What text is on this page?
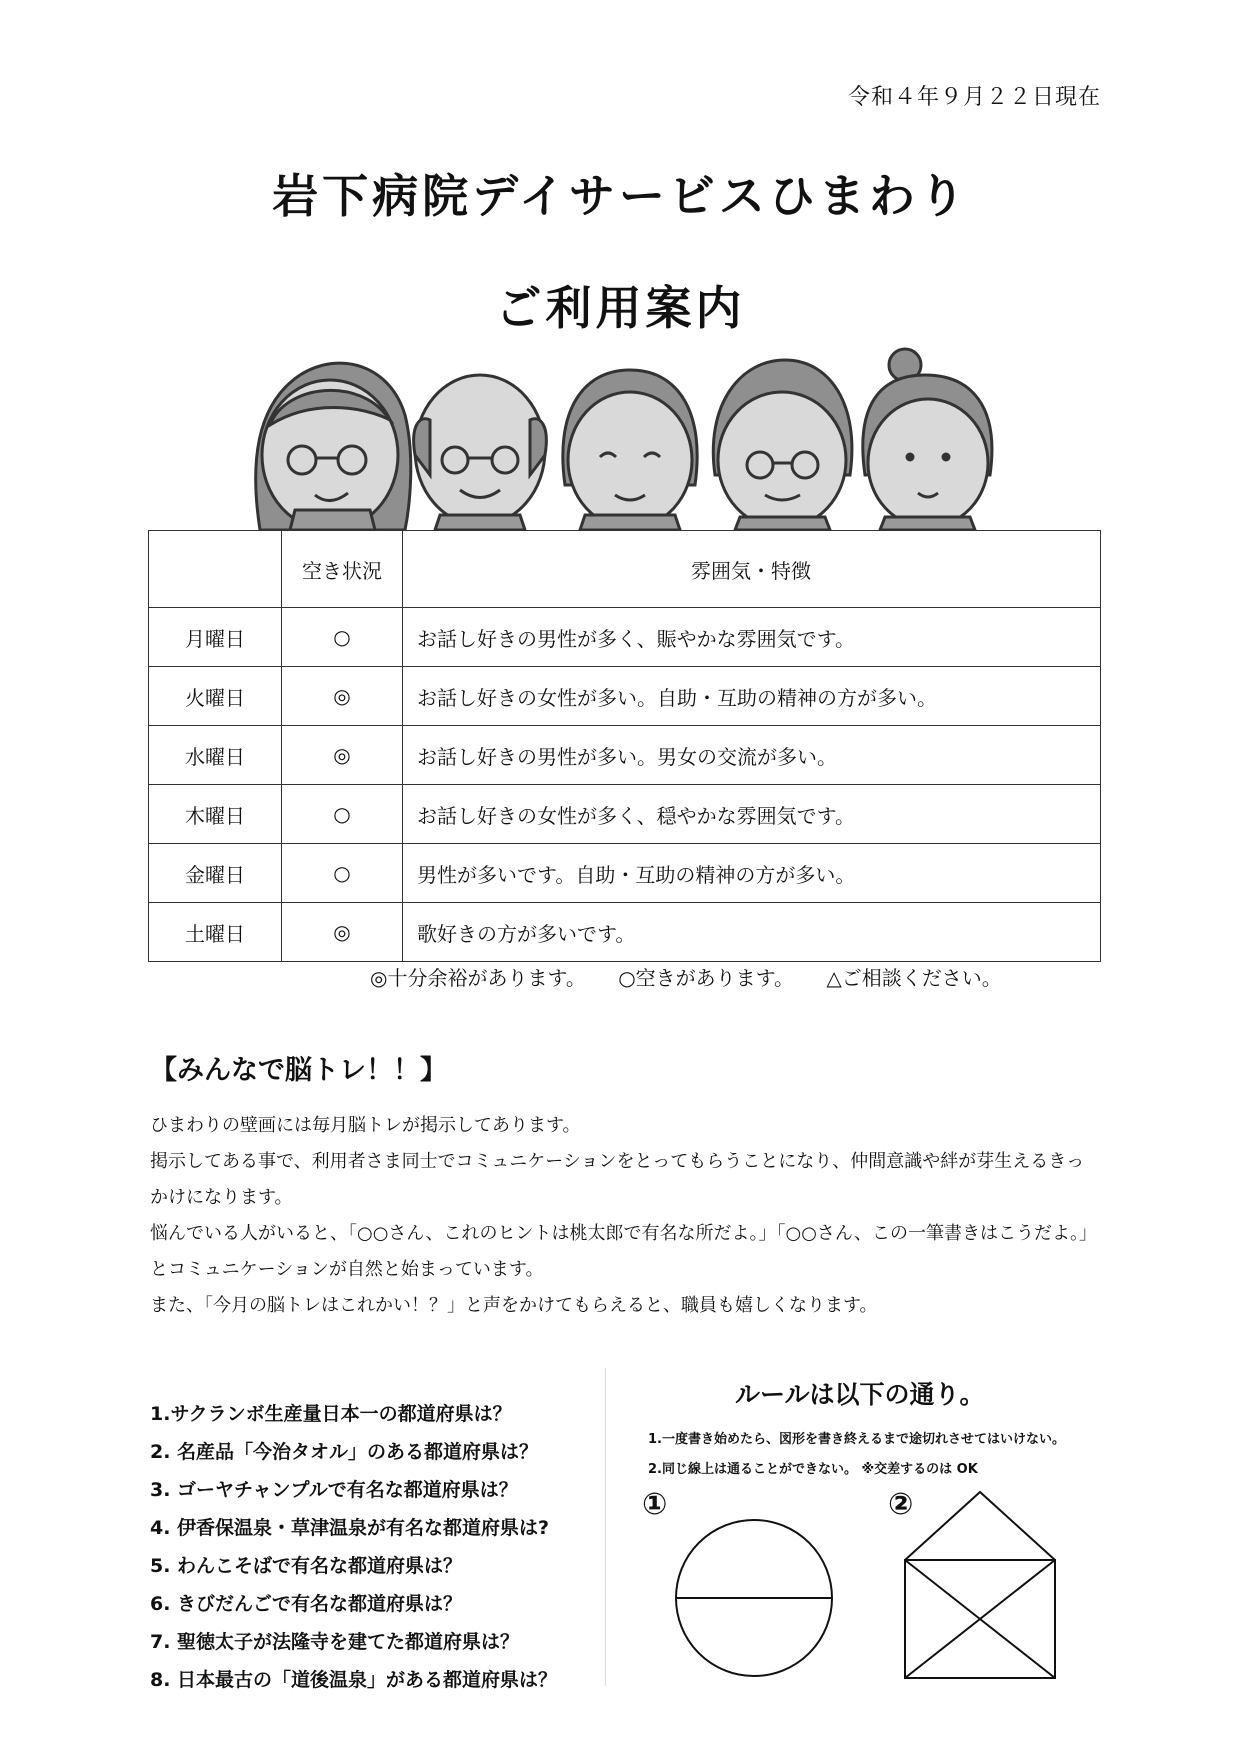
令和４年９月２２日現在
岩下病院デイサービスひまわり
ご利用案内
	空き状況	雰囲気・特徴
月曜日	○	お話し好きの男性が多く、賑やかな雰囲気です。
火曜日	◎	お話し好きの女性が多い。自助・互助の精神の方が多い。
水曜日	◎	お話し好きの男性が多い。男女の交流が多い。
木曜日	○	お話し好きの女性が多く、穏やかな雰囲気です。
金曜日	○	男性が多いです。自助・互助の精神の方が多い。
土曜日	◎	歌好きの方が多いです。
◎十分余裕があります。 ○空きがあります。 △ご相談ください。
【みんなで脳トレ！！】

ひまわりの壁画には毎月脳トレが掲示してあります。

掲示してある事で、利用者さま同士でコミュニケーションをとってもらうことになり、仲間意識や絆が芽生えるきっかけになります。

悩んでいる人がいると、「○○さん、これのヒントは桃太郎で有名な所だよ。」「○○さん、この一筆書きはこうだよ。」とコミュニケーションが自然と始まっています。

また、「今月の脳トレはこれかい！？」と声をかけてもらえると、職員も嬉しくなります。

1.サクランボ生産量日本一の都道府県は？
2. 名産品「今治タオル」のある都道府県は？
3. ゴーヤチャンプルで有名な都道府県は？
4. 伊香保温泉・草津温泉が有名な都道府県は?
5. わんこそばで有名な都道府県は？
6. きびだんごで有名な都道府県は？
7. 聖徳太子が法隆寺を建てた都道府県は？
8. 日本最古の「道後温泉」がある都道府県は？
ルールは以下の通り。
1.一度書き始めたら、図形を書き終えるまで途切れさせてはいけない。
2.同じ線上は通ることができない。 ※交差するのは OK
①	②
